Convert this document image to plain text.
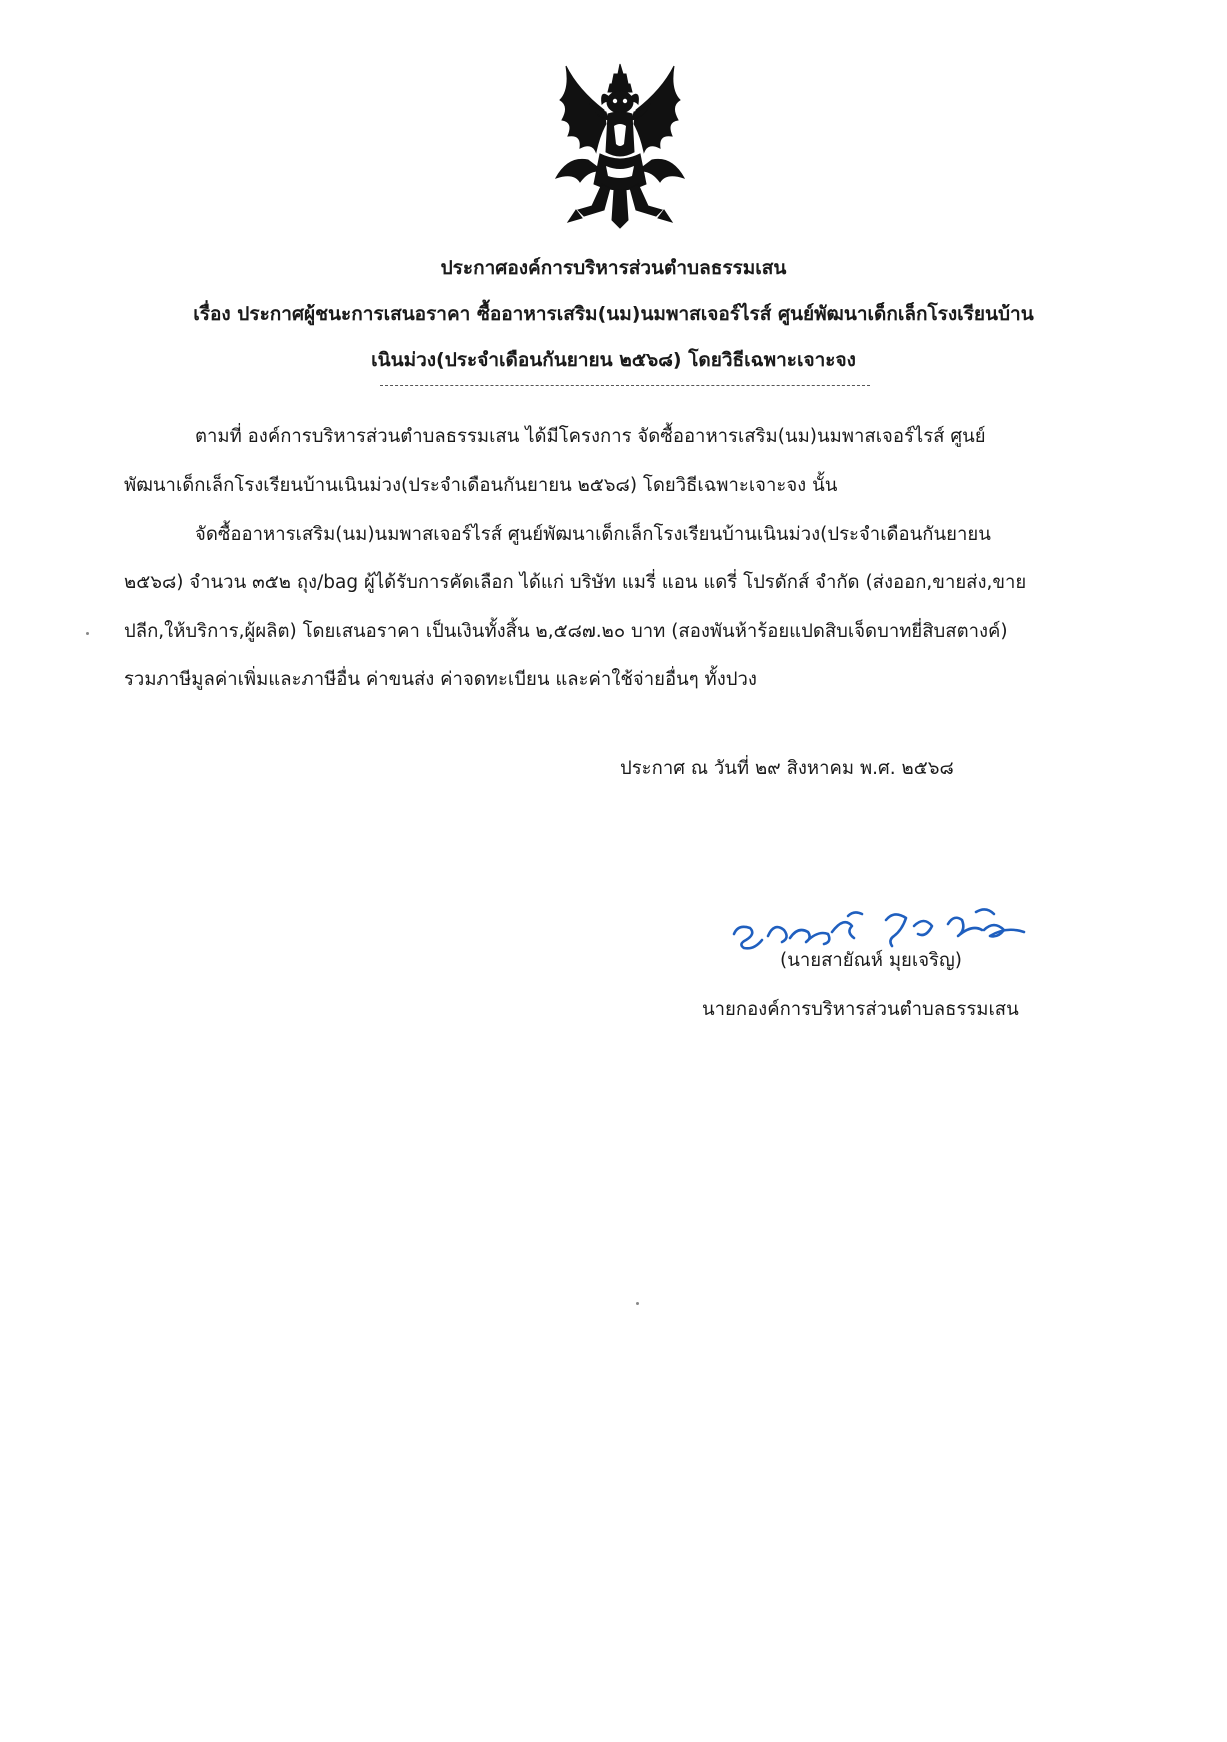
ประกาศองค์การบริหารส่วนตำบลธรรมเสน
เรื่อง ประกาศผู้ชนะการเสนอราคา ซื้ออาหารเสริม(นม)นมพาสเจอร์ไรส์ ศูนย์พัฒนาเด็กเล็กโรงเรียนบ้าน
เนินม่วง(ประจำเดือนกันยายน ๒๕๖๘) โดยวิธีเฉพาะเจาะจง
ตามที่ องค์การบริหารส่วนตำบลธรรมเสน ได้มีโครงการ จัดซื้ออาหารเสริม(นม)นมพาสเจอร์ไรส์ ศูนย์
พัฒนาเด็กเล็กโรงเรียนบ้านเนินม่วง(ประจำเดือนกันยายน ๒๕๖๘) โดยวิธีเฉพาะเจาะจง นั้น
จัดซื้ออาหารเสริม(นม)นมพาสเจอร์ไรส์ ศูนย์พัฒนาเด็กเล็กโรงเรียนบ้านเนินม่วง(ประจำเดือนกันยายน
๒๕๖๘) จำนวน ๓๕๒ ถุง/bag ผู้ได้รับการคัดเลือก ได้แก่ บริษัท แมรี่ แอน แดรี่ โปรดักส์ จำกัด (ส่งออก,ขายส่ง,ขาย
ปลีก,ให้บริการ,ผู้ผลิต) โดยเสนอราคา เป็นเงินทั้งสิ้น ๒,๕๘๗.๒๐ บาท (สองพันห้าร้อยแปดสิบเจ็ดบาทยี่สิบสตางค์)
รวมภาษีมูลค่าเพิ่มและภาษีอื่น ค่าขนส่ง ค่าจดทะเบียน และค่าใช้จ่ายอื่นๆ ทั้งปวง
ประกาศ ณ วันที่ ๒๙ สิงหาคม พ.ศ. ๒๕๖๘
(นายสายัณห์ มุยเจริญ)
นายกองค์การบริหารส่วนตำบลธรรมเสน
